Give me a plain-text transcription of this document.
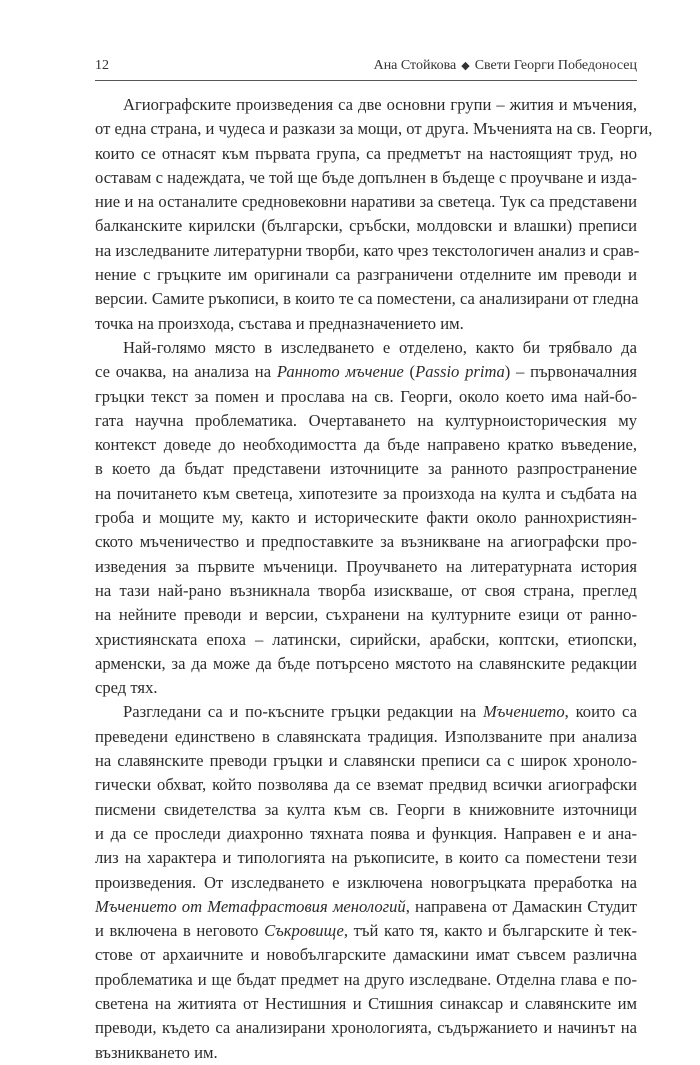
12	Ана Стойкова ◆ Свети Георги Победоносец

Агиографските произведения са две основни групи – жития и мъчения,
от една страна, и чудеса и разкази за мощи, от друга. Мъченията на св. Георги,
които се отнасят към първата група, са предметът на настоящият труд, но
оставам с надеждата, че той ще бъде допълнен в бъдеще с проучване и изда-
ние и на останалите средновековни наративи за светеца. Тук са представени
балканските кирилски (български, сръбски, молдовски и влашки) преписи
на изследваните литературни творби, като чрез текстологичен анализ и срав-
нение с гръцките им оригинали са разграничени отделните им преводи и
версии. Самите ръкописи, в които те са поместени, са анализирани от гледна
точка на произхода, състава и предназначението им.

Най-голямо място в изследването е отделено, както би трябвало да
се очаква, на анализа на Ранното мъчение (Passio prima) – първоначалния
гръцки текст за помен и прослава на св. Георги, около което има най-бо-
гата научна проблематика. Очертаването на културноисторическия му
контекст доведе до необходимостта да бъде направено кратко въведение,
в което да бъдат представени източниците за ранното разпространение
на почитането към светеца, хипотезите за произхода на култа и съдбата на
гроба и мощите му, както и историческите факти около раннохристиян-
ското мъченичество и предпоставките за възникване на агиографски про-
изведения за първите мъченици. Проучването на литературната история
на тази най-рано възникнала творба изискваше, от своя страна, преглед
на нейните преводи и версии, съхранени на културните езици от ранно-
християнската епоха – латински, сирийски, арабски, коптски, етиопски,
арменски, за да може да бъде потърсено мястото на славянските редакции
сред тях.

Разгледани са и по-късните гръцки редакции на Мъчението, които са
преведени единствено в славянската традиция. Използваните при анализа
на славянските преводи гръцки и славянски преписи са с широк хроноло-
гически обхват, който позволява да се вземат предвид всички агиографски
писмени свидетелства за култа към св. Георги в книжовните източници
и да се проследи диахронно тяхната поява и функция. Направен е и ана-
лиз на характера и типологията на ръкописите, в които са поместени тези
произведения. От изследването е изключена новогръцката преработка на
Мъчението от Метафрастовия менологий, направена от Дамаскин Студит
и включена в неговото Съкровище, тъй като тя, както и българските ѝ тек-
стове от архаичните и новобългарските дамаскини имат съвсем различна
проблематика и ще бъдат предмет на друго изследване. Отделна глава е по-
светена на житията от Нестишния и Стишния синаксар и славянските им
преводи, където са анализирани хронологията, съдържанието и начинът на
възникването им.
